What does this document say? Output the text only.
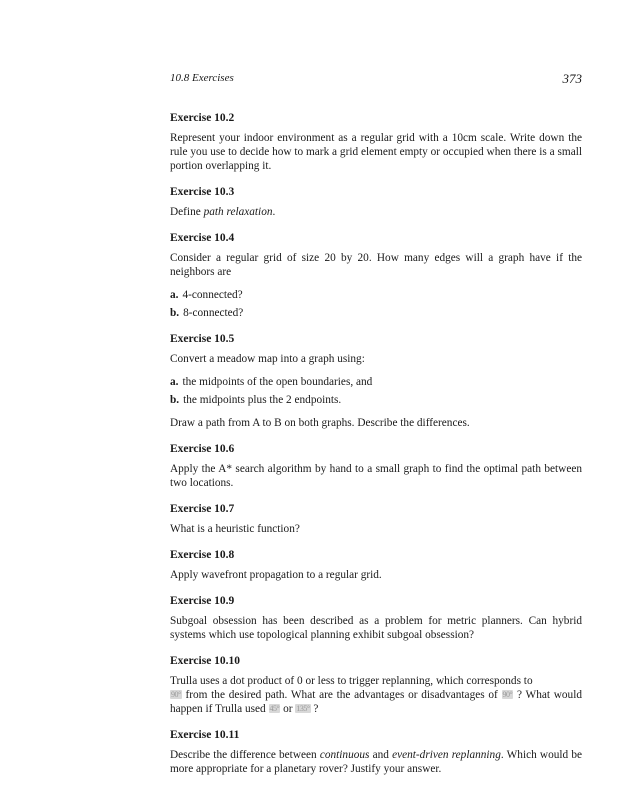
10.8 Exercises	373

Exercise 10.2

Represent your indoor environment as a regular grid with a 10cm scale. Write down the rule you use to decide how to mark a grid element empty or occupied when there is a small portion overlapping it.

Exercise 10.3

Define path relaxation.

Exercise 10.4

Consider a regular grid of size 20 by 20. How many edges will a graph have if the neighbors are

a. 4-connected?

b. 8-connected?

Exercise 10.5

Convert a meadow map into a graph using:

a. the midpoints of the open boundaries, and

b. the midpoints plus the 2 endpoints.

Draw a path from A to B on both graphs. Describe the differences.

Exercise 10.6

Apply the A* search algorithm by hand to a small graph to find the optimal path between two locations.

Exercise 10.7

What is a heuristic function?

Exercise 10.8

Apply wavefront propagation to a regular grid.

Exercise 10.9

Subgoal obsession has been described as a problem for metric planners. Can hybrid systems which use topological planning exhibit subgoal obsession?

Exercise 10.10

Trulla uses a dot product of 0 or less to trigger replanning, which corresponds to
90° from the desired path. What are the advantages or disadvantages of 90° ? What would happen if Trulla used 45° or 135° ?

Exercise 10.11

Describe the difference between continuous and event-driven replanning. Which would be more appropriate for a planetary rover? Justify your answer.
